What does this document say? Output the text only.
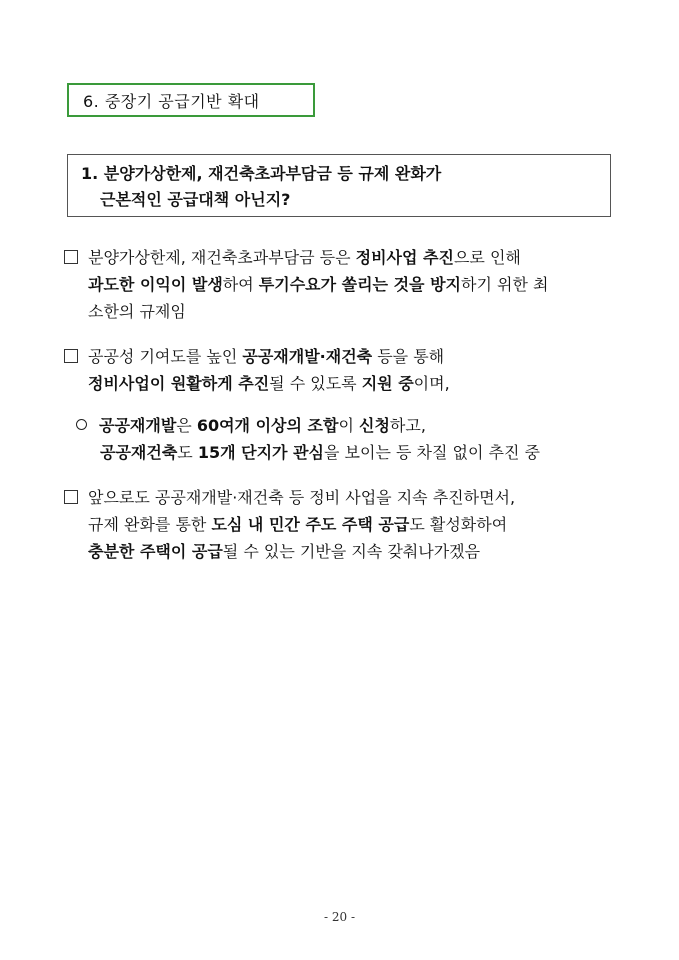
6. 중장기 공급기반 확대
1. 분양가상한제, 재건축초과부담금 등 규제 완화가
근본적인 공급대책 아닌지?
분양가상한제, 재건축초과부담금 등은 정비사업 추진으로 인해
과도한 이익이 발생하여 투기수요가 쏠리는 것을 방지하기 위한 최
소한의 규제임
공공성 기여도를 높인 공공재개발·재건축 등을 통해
정비사업이 원활하게 추진될 수 있도록 지원 중이며,
공공재개발은 60여개 이상의 조합이 신청하고,
공공재건축도 15개 단지가 관심을 보이는 등 차질 없이 추진 중
앞으로도 공공재개발·재건축 등 정비 사업을 지속 추진하면서,
규제 완화를 통한 도심 내 민간 주도 주택 공급도 활성화하여
충분한 주택이 공급될 수 있는 기반을 지속 갖춰나가겠음
- 20 -
